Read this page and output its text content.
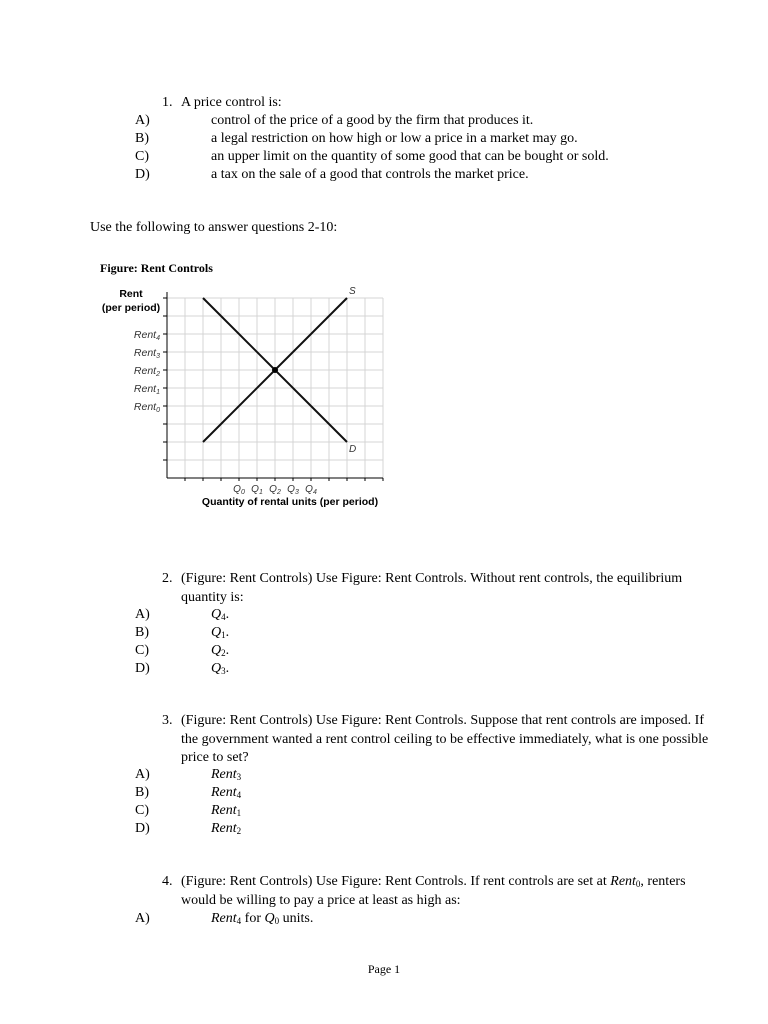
1. A price control is:
A)	control of the price of a good by the firm that produces it.
B)	a legal restriction on how high or low a price in a market may go.
C)	an upper limit on the quantity of some good that can be bought or sold.
D)	a tax on the sale of a good that controls the market price.
Use the following to answer questions 2-10:
Figure: Rent Controls
Rent
(per period)
Rent4
Rent3
Rent2
Rent1
Rent0
$Q_0$ $Q_1$ $Q_2$ $Q_3$ $Q_4$
Quantity of rental units (per period)
S
D
2. (Figure: Rent Controls) Use Figure: Rent Controls. Without rent controls, the equilibrium quantity is:
A)	$Q_4$.
B)	$Q_1$.
C)	$Q_2$.
D)	$Q_3$.
3. (Figure: Rent Controls) Use Figure: Rent Controls. Suppose that rent controls are imposed. If the government wanted a rent control ceiling to be effective immediately, what is one possible price to set?
A)	Rent$_3$
B)	Rent$_4$
C)	Rent$_1$
D)	Rent$_2$
4. (Figure: Rent Controls) Use Figure: Rent Controls. If rent controls are set at Rent$_0$, renters would be willing to pay a price at least as high as:
A)	Rent$_4$ for $Q_0$ units.
Page 1
